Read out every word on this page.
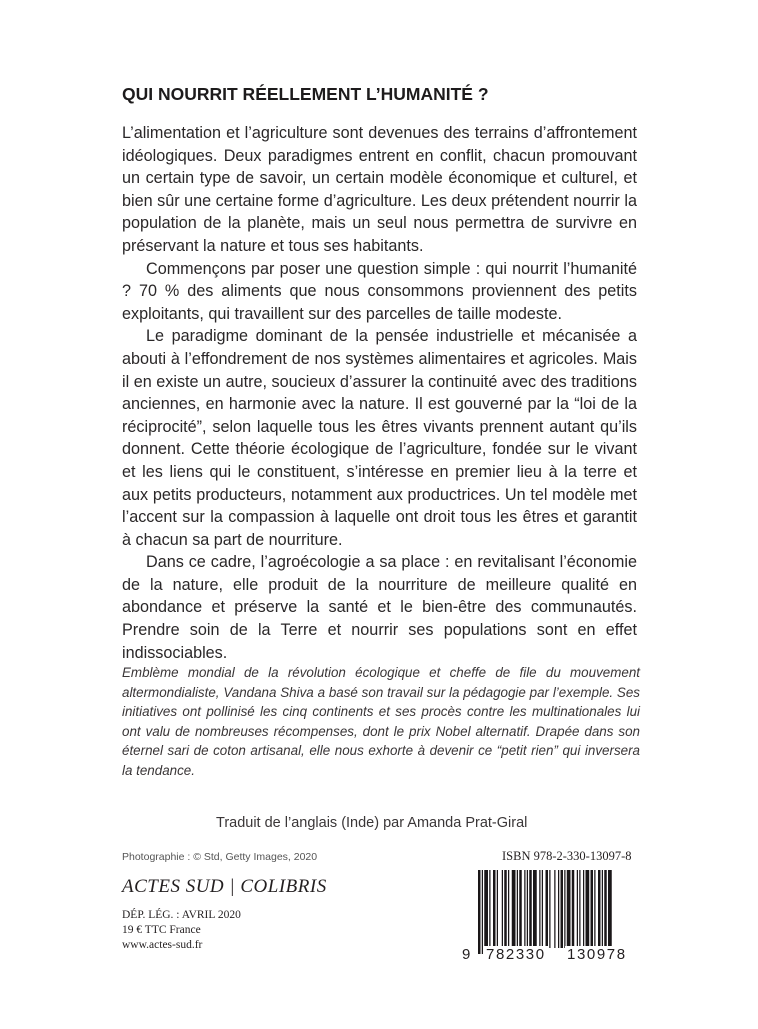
QUI NOURRIT RÉELLEMENT L’HUMANITÉ ?

L’alimentation et l’agriculture sont devenues des terrains d’affrontement idéologiques. Deux paradigmes entrent en conflit, chacun promouvant un certain type de savoir, un certain modèle économique et culturel, et bien sûr une certaine forme d’agriculture. Les deux prétendent nourrir la population de la planète, mais un seul nous permettra de survivre en préservant la nature et tous ses habitants.

Commençons par poser une question simple : qui nourrit l’humanité ? 70 % des aliments que nous consommons proviennent des petits exploitants, qui travaillent sur des parcelles de taille modeste.

Le paradigme dominant de la pensée industrielle et mécanisée a abouti à l’effondrement de nos systèmes alimentaires et agricoles. Mais il en existe un autre, soucieux d’assurer la continuité avec des traditions anciennes, en harmonie avec la nature. Il est gouverné par la “loi de la réciprocité”, selon laquelle tous les êtres vivants prennent autant qu’ils donnent. Cette théorie écologique de l’agriculture, fondée sur le vivant et les liens qui le constituent, s’intéresse en premier lieu à la terre et aux petits producteurs, notamment aux productrices. Un tel modèle met l’accent sur la compassion à laquelle ont droit tous les êtres et garantit à chacun sa part de nourriture.

Dans ce cadre, l’agroécologie a sa place : en revitalisant l’économie de la nature, elle produit de la nourriture de meilleure qualité en abondance et préserve la santé et le bien-être des communautés. Prendre soin de la Terre et nourrir ses populations sont en effet indissociables.

Emblème mondial de la révolution écologique et cheffe de file du mouvement altermondialiste, Vandana Shiva a basé son travail sur la pédagogie par l’exemple. Ses initiatives ont pollinisé les cinq continents et ses procès contre les multinationales lui ont valu de nombreuses récompenses, dont le prix Nobel alternatif. Drapée dans son éternel sari de coton artisanal, elle nous exhorte à devenir ce “petit rien” qui inversera la tendance.
Traduit de l’anglais (Inde) par Amanda Prat-Giral
Photographie : © Std, Getty Images, 2020	ISBN 978-2-330-13097-8
ACTES SUD | COLIBRIS
DÉP. LÉG. : AVRIL 2020
19 € TTC France
www.actes-sud.fr
9 782330 130978
